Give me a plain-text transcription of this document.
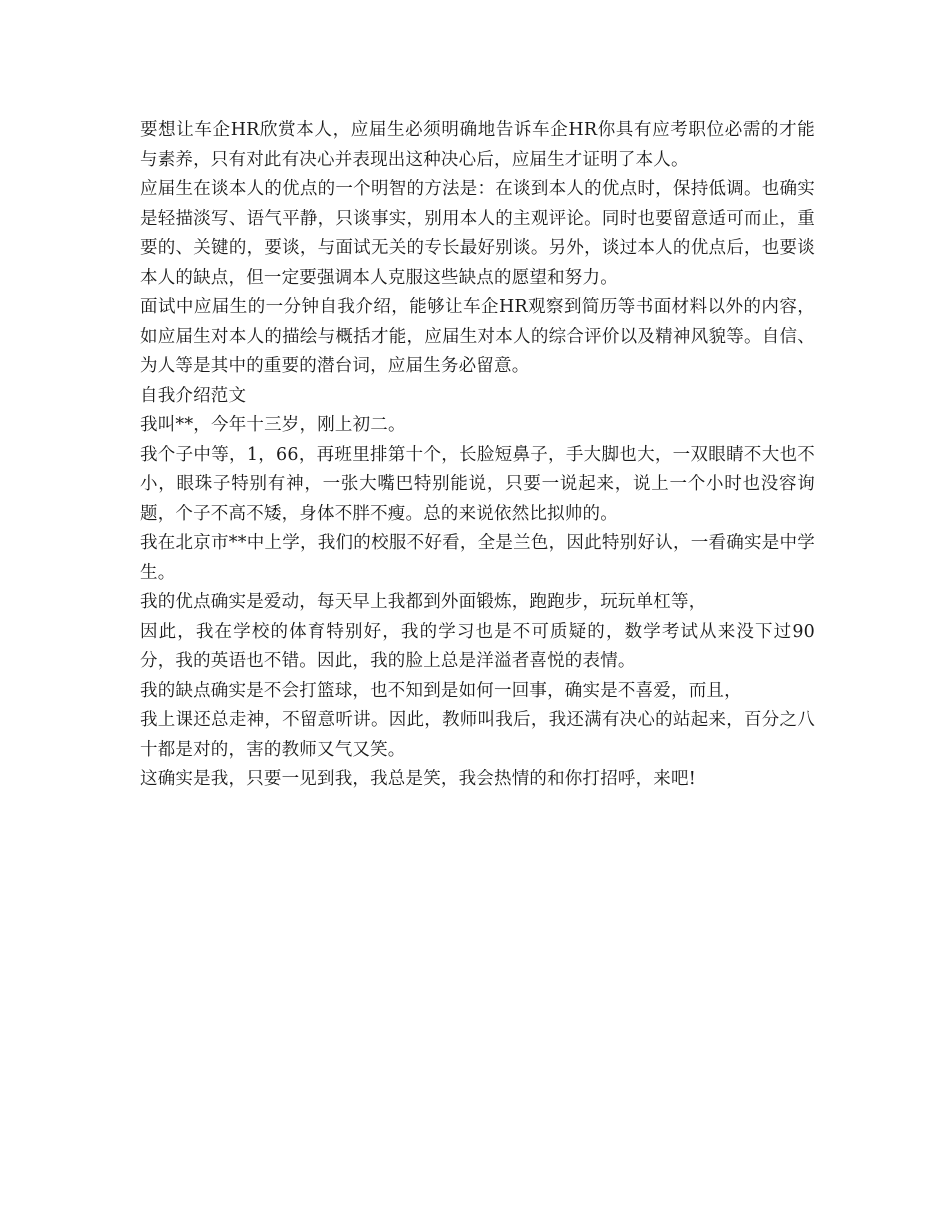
要想让车企HR欣赏本人，应届生必须明确地告诉车企HR你具有应考职位必需的才能与素养，只有对此有决心并表现出这种决心后，应届生才证明了本人。

应届生在谈本人的优点的一个明智的方法是：在谈到本人的优点时，保持低调。也确实是轻描淡写、语气平静，只谈事实，别用本人的主观评论。同时也要留意适可而止，重要的、关键的，要谈，与面试无关的专长最好别谈。另外，谈过本人的优点后，也要谈本人的缺点，但一定要强调本人克服这些缺点的愿望和努力。

面试中应届生的一分钟自我介绍，能够让车企HR观察到简历等书面材料以外的内容，如应届生对本人的描绘与概括才能，应届生对本人的综合评价以及精神风貌等。自信、为人等是其中的重要的潜台词，应届生务必留意。

自我介绍范文

我叫**，今年十三岁，刚上初二。

我个子中等，1，66，再班里排第十个，长脸短鼻子，手大脚也大，一双眼睛不大也不小，眼珠子特别有神，一张大嘴巴特别能说，只要一说起来，说上一个小时也没容询题，个子不高不矮，身体不胖不瘦。总的来说依然比拟帅的。

我在北京市**中上学，我们的校服不好看，全是兰色，因此特别好认，一看确实是中学生。

我的优点确实是爱动，每天早上我都到外面锻炼，跑跑步，玩玩单杠等，

因此，我在学校的体育特别好，我的学习也是不可质疑的，数学考试从来没下过90分，我的英语也不错。因此，我的脸上总是洋溢者喜悦的表情。

我的缺点确实是不会打篮球，也不知到是如何一回事，确实是不喜爱，而且，

我上课还总走神，不留意听讲。因此，教师叫我后，我还满有决心的站起来，百分之八十都是对的，害的教师又气又笑。

这确实是我，只要一见到我，我总是笑，我会热情的和你打招呼，来吧!
